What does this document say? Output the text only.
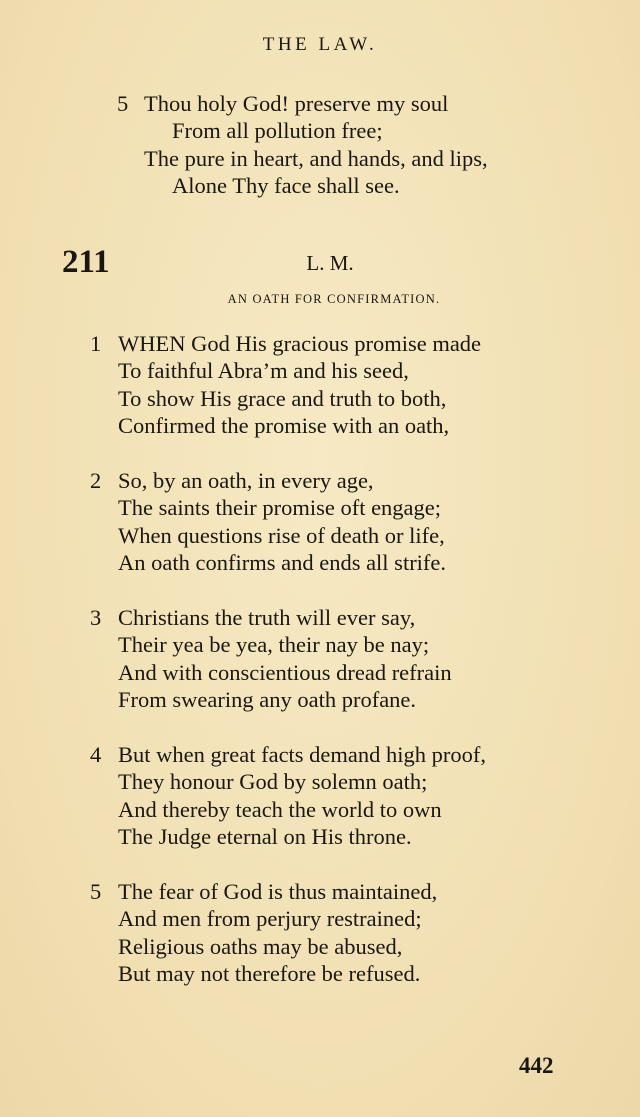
THE LAW.
5 Thou holy God! preserve my soul
From all pollution free;
The pure in heart, and hands, and lips,
Alone Thy face shall see.
211	L. M.
AN OATH FOR CONFIRMATION.
1 WHEN God His gracious promise made
To faithful Abra’m and his seed,
To show His grace and truth to both,
Confirmed the promise with an oath,
2 So, by an oath, in every age,
The saints their promise oft engage;
When questions rise of death or life,
An oath confirms and ends all strife.
3 Christians the truth will ever say,
Their yea be yea, their nay be nay;
And with conscientious dread refrain
From swearing any oath profane.
4 But when great facts demand high proof,
They honour God by solemn oath;
And thereby teach the world to own
The Judge eternal on His throne.
5 The fear of God is thus maintained,
And men from perjury restrained;
Religious oaths may be abused,
But may not therefore be refused.
442
